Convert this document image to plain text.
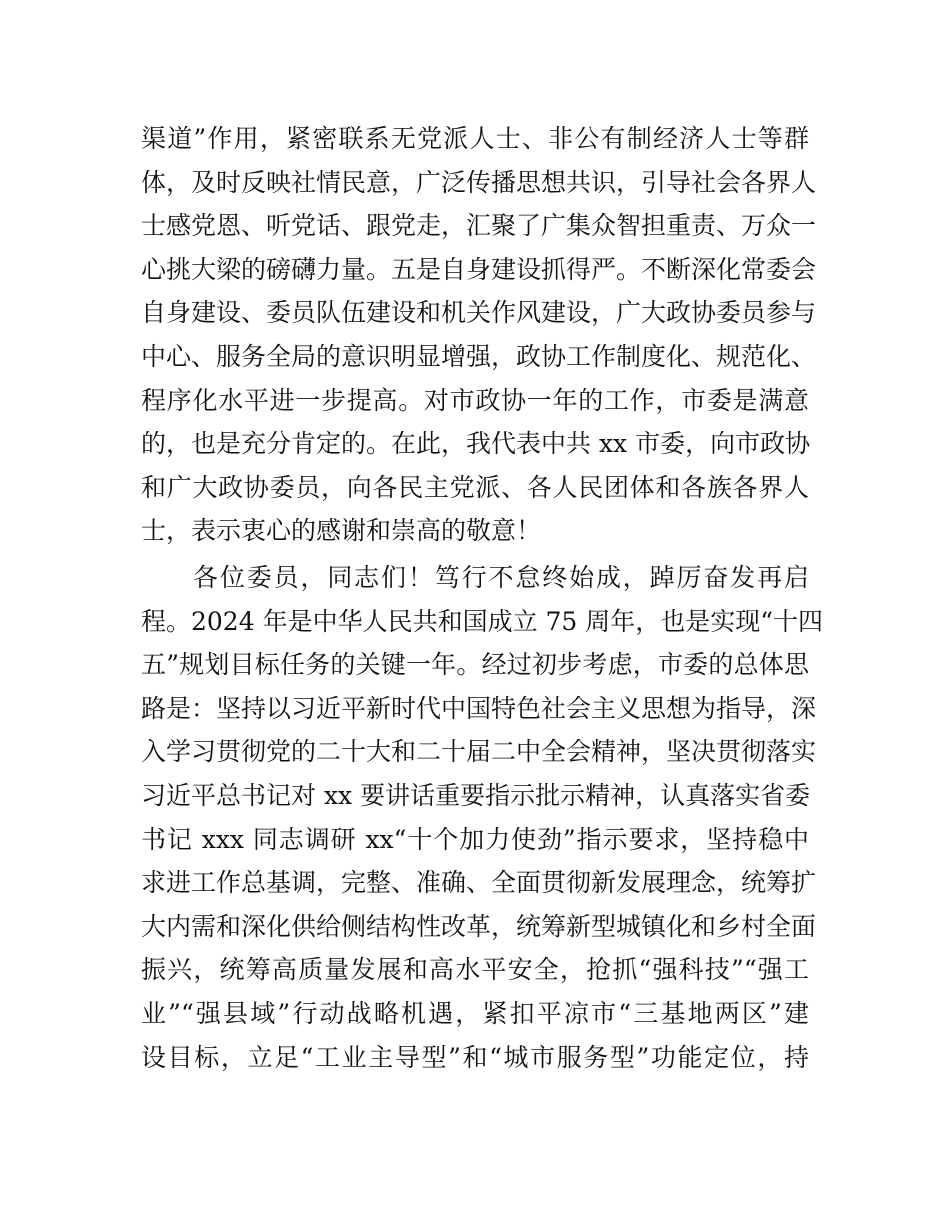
渠道”作用，紧密联系无党派人士、非公有制经济人士等群
体，及时反映社情民意，广泛传播思想共识，引导社会各界人
士感党恩、听党话、跟党走，汇聚了广集众智担重责、万众一
心挑大梁的磅礴力量。五是自身建设抓得严。不断深化常委会
自身建设、委员队伍建设和机关作风建设，广大政协委员参与
中心、服务全局的意识明显增强，政协工作制度化、规范化、
程序化水平进一步提高。对市政协一年的工作，市委是满意
的，也是充分肯定的。在此，我代表中共 xx 市委，向市政协
和广大政协委员，向各民主党派、各人民团体和各族各界人
士，表示衷心的感谢和崇高的敬意！
各位委员，同志们！笃行不怠终始成，踔厉奋发再启
程。2024 年是中华人民共和国成立 75 周年，也是实现“十四
五”规划目标任务的关键一年。经过初步考虑，市委的总体思
路是：坚持以习近平新时代中国特色社会主义思想为指导，深
入学习贯彻党的二十大和二十届二中全会精神，坚决贯彻落实
习近平总书记对 xx 要讲话重要指示批示精神，认真落实省委
书记 xxx 同志调研 xx“十个加力使劲”指示要求，坚持稳中
求进工作总基调，完整、准确、全面贯彻新发展理念，统筹扩
大内需和深化供给侧结构性改革，统筹新型城镇化和乡村全面
振兴，统筹高质量发展和高水平安全，抢抓“强科技”“强工
业”“强县域”行动战略机遇，紧扣平凉市“三基地两区”建
设目标，立足“工业主导型”和“城市服务型”功能定位，持
